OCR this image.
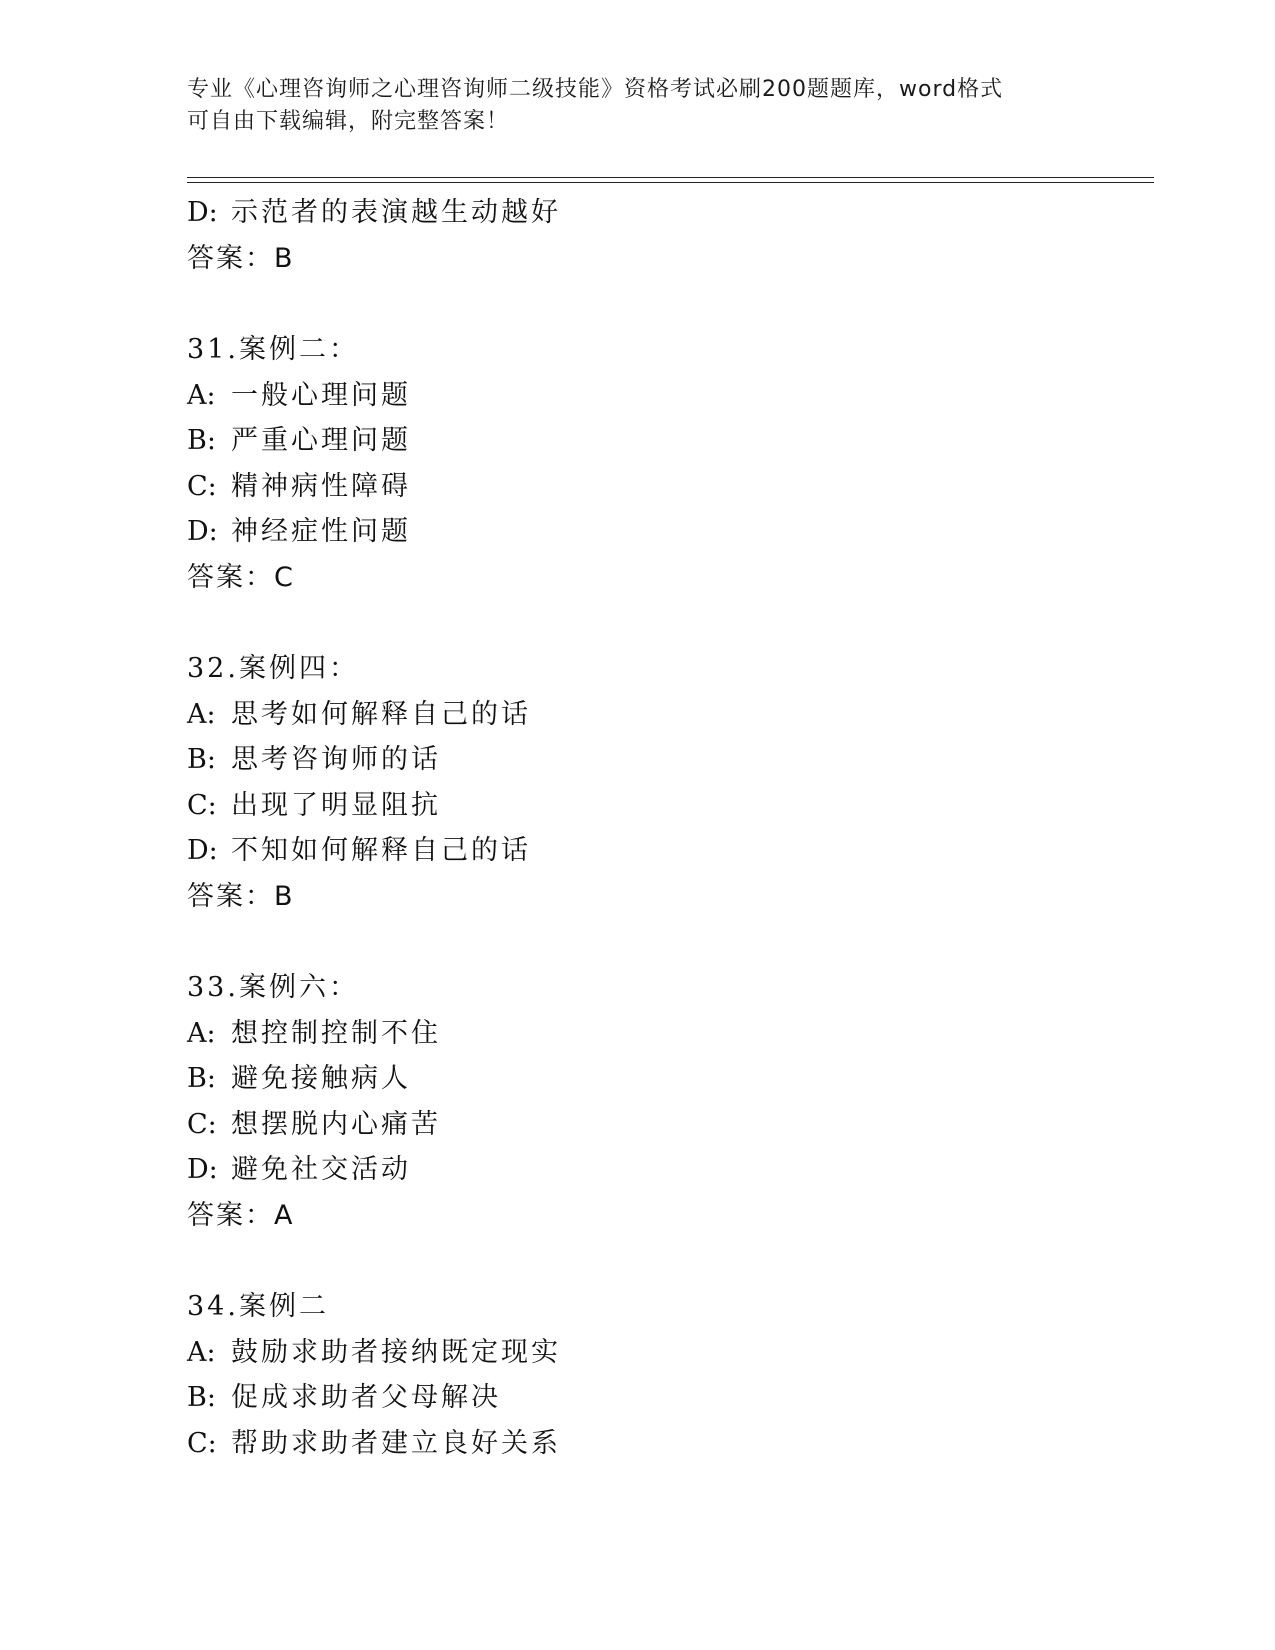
专业《心理咨询师之心理咨询师二级技能》资格考试必刷200题题库，word格式
可自由下载编辑，附完整答案！
D: 示范者的表演越生动越好
答案：B
31.案例二：
A: 一般心理问题
B: 严重心理问题
C: 精神病性障碍
D: 神经症性问题
答案：C
32.案例四：
A: 思考如何解释自己的话
B: 思考咨询师的话
C: 出现了明显阻抗
D: 不知如何解释自己的话
答案：B
33.案例六：
A: 想控制控制不住
B: 避免接触病人
C: 想摆脱内心痛苦
D: 避免社交活动
答案：A
34.案例二
A: 鼓励求助者接纳既定现实
B: 促成求助者父母解决
C: 帮助求助者建立良好关系
